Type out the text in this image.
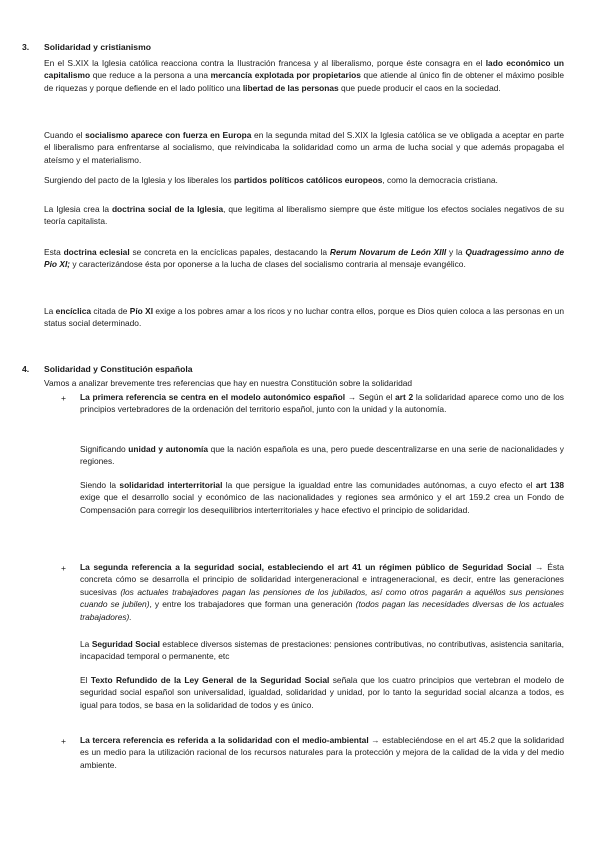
3. Solidaridad y cristianismo

En el S.XIX la Iglesia católica reacciona contra la Ilustración francesa y al liberalismo, porque éste consagra en el lado económico un capitalismo que reduce a la persona a una mercancía explotada por propietarios que atiende al único fin de obtener el máximo posible de riquezas y porque defiende en el lado político una libertad de las personas que puede producir el caos en la sociedad.

Cuando el socialismo aparece con fuerza en Europa en la segunda mitad del S.XIX la Iglesia católica se ve obligada a aceptar en parte el liberalismo para enfrentarse al socialismo, que reivindicaba la solidaridad como un arma de lucha social y que además propagaba el ateísmo y el materialismo.

Surgiendo del pacto de la Iglesia y los liberales los partidos políticos católicos europeos, como la democracia cristiana.

La Iglesia crea la doctrina social de la Iglesia, que legitima al liberalismo siempre que éste mitigue los efectos sociales negativos de su teoría capitalista.

Esta doctrina eclesial se concreta en la encíclicas papales, destacando la Rerum Novarum de León XIII y la Quadragessimo anno de Pio XI; y caracterizándose ésta por oponerse a la lucha de clases del socialismo contraria al mensaje evangélico.

La encíclica citada de Pío XI exige a los pobres amar a los ricos y no luchar contra ellos, porque es Dios quien coloca a las personas en un status social determinado.

4. Solidaridad y Constitución española

Vamos a analizar brevemente tres referencias que hay en nuestra Constitución sobre la solidaridad

+ La primera referencia se centra en el modelo autonómico español → Según el art 2 la solidaridad aparece como uno de los principios vertebradores de la ordenación del territorio español, junto con la unidad y la autonomía.

Significando unidad y autonomía que la nación española es una, pero puede descentralizarse en una serie de nacionalidades y regiones.

Siendo la solidaridad interterritorial la que persigue la igualdad entre las comunidades autónomas, a cuyo efecto el art 138 exige que el desarrollo social y económico de las nacionalidades y regiones sea armónico y el art 159.2 crea un Fondo de Compensación para corregir los desequilibrios interterritoriales y hace efectivo el principio de solidaridad.

+ La segunda referencia a la seguridad social, estableciendo el art 41 un régimen público de Seguridad Social → Ésta concreta cómo se desarrolla el principio de solidaridad intergeneracional e intrageneracional, es decir, entre las generaciones sucesivas (los actuales trabajadores pagan las pensiones de los jubilados, así como otros pagarán a aquéllos sus pensiones cuando se jubilen), y entre los trabajadores que forman una generación (todos pagan las necesidades diversas de los actuales trabajadores).

La Seguridad Social establece diversos sistemas de prestaciones: pensiones contributivas, no contributivas, asistencia sanitaria, incapacidad temporal o permanente, etc

El Texto Refundido de la Ley General de la Seguridad Social señala que los cuatro principios que vertebran el modelo de seguridad social español son universalidad, igualdad, solidaridad y unidad, por lo tanto la seguridad social alcanza a todos, es igual para todos, se basa en la solidaridad de todos y es único.

+ La tercera referencia es referida a la solidaridad con el medio-ambiental → estableciéndose en el art 45.2 que la solidaridad es un medio para la utilización racional de los recursos naturales para la protección y mejora de la calidad de la vida y del medio ambiente.
